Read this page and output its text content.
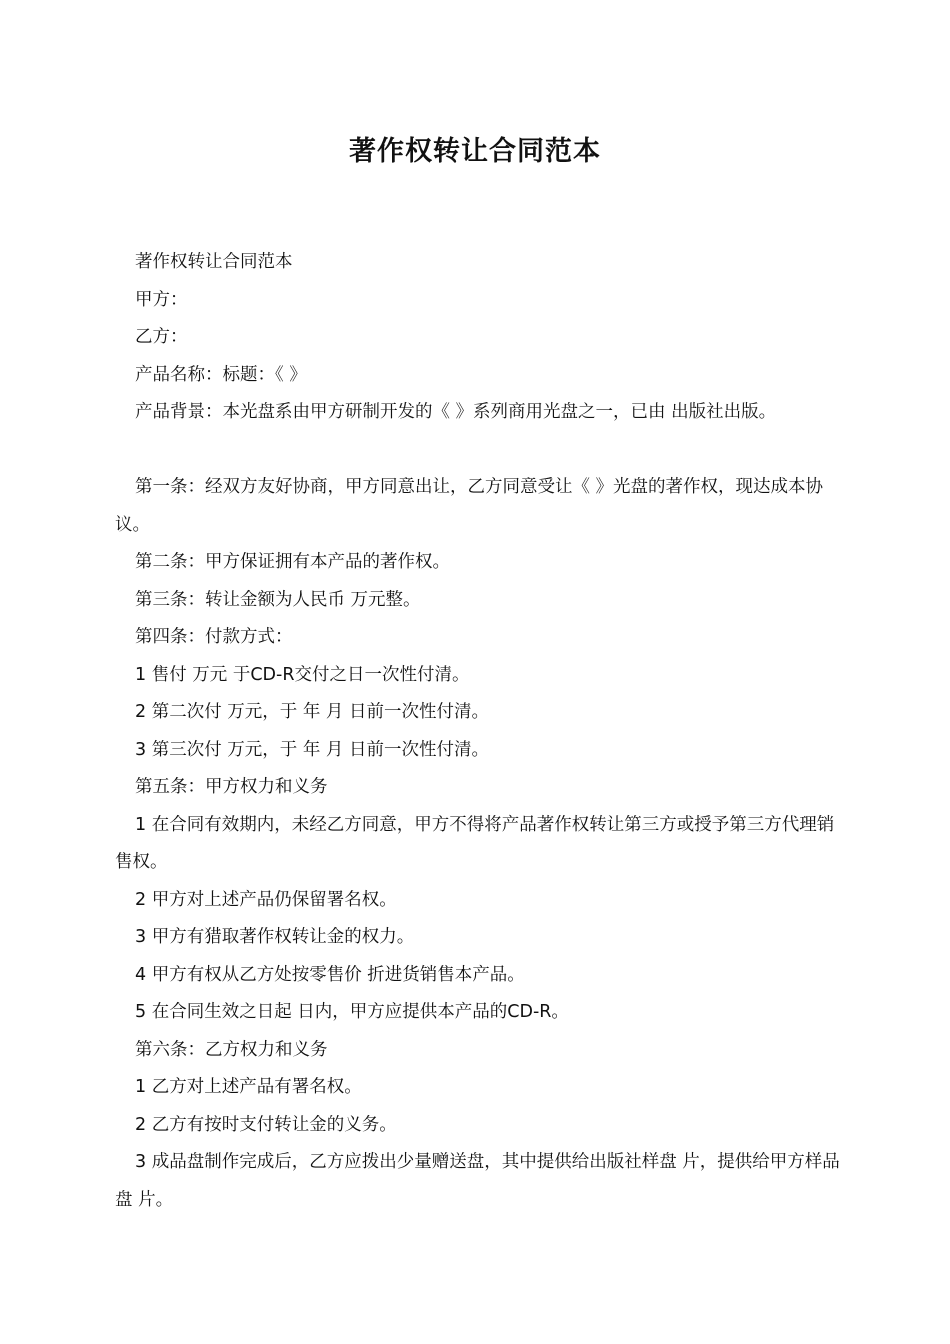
著作权转让合同范本

著作权转让合同范本

甲方：

乙方：

产品名称：标题：《 》

产品背景：本光盘系由甲方研制开发的《 》系列商用光盘之一，已由 出版社出版。

第一条：经双方友好协商，甲方同意出让，乙方同意受让《 》光盘的著作权，现达成本协议。

第二条：甲方保证拥有本产品的著作权。

第三条：转让金额为人民币 万元整。

第四条：付款方式：

1 售付 万元 于CD-R交付之日一次性付清。

2 第二次付 万元，于 年 月 日前一次性付清。

3 第三次付 万元，于 年 月 日前一次性付清。

第五条：甲方权力和义务

1 在合同有效期内，未经乙方同意，甲方不得将产品著作权转让第三方或授予第三方代理销售权。

2 甲方对上述产品仍保留署名权。

3 甲方有猎取著作权转让金的权力。

4 甲方有权从乙方处按零售价 折进货销售本产品。

5 在合同生效之日起 日内，甲方应提供本产品的CD-R。

第六条：乙方权力和义务

1 乙方对上述产品有署名权。

2 乙方有按时支付转让金的义务。

3 成品盘制作完成后，乙方应拨出少量赠送盘，其中提供给出版社样盘 片，提供给甲方样品盘 片。
